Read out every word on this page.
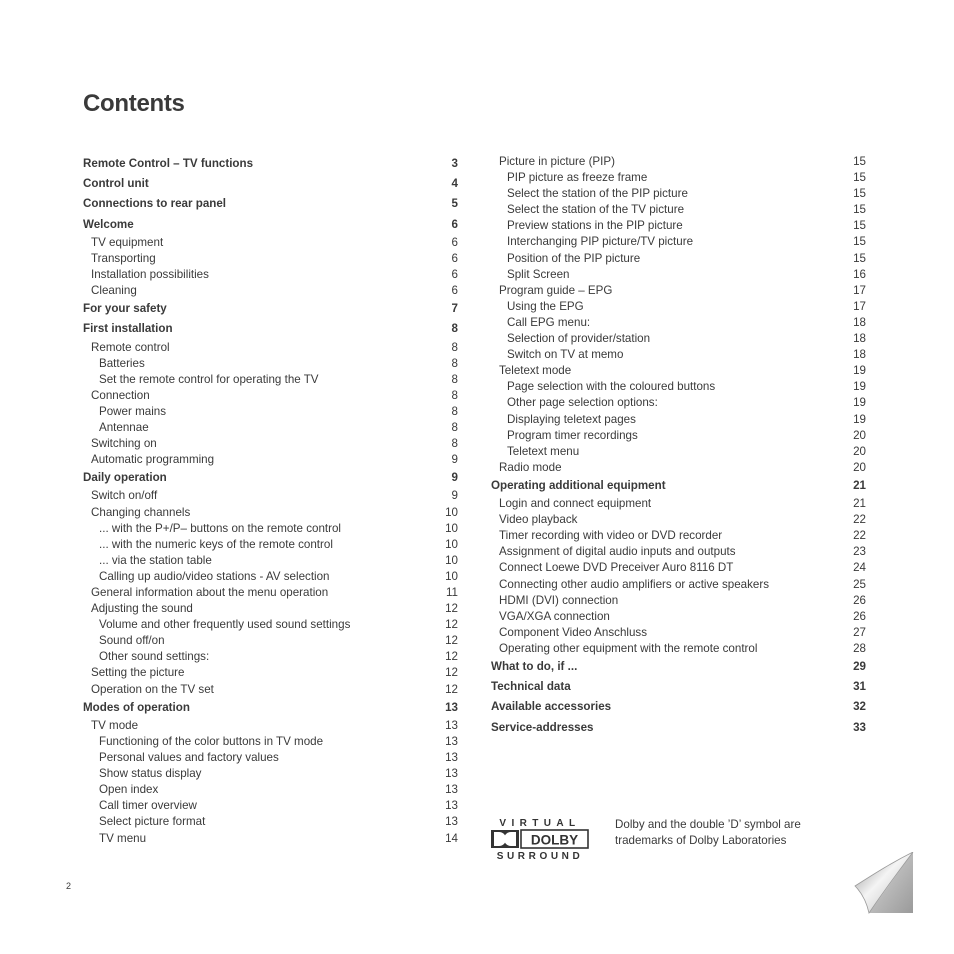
Contents
Remote Control – TV functions	3
Control unit	4
Connections to rear panel	5
Welcome	6
TV equipment	6
Transporting	6
Installation possibilities	6
Cleaning	6
For your safety	7
First installation	8
Remote control	8
Batteries	8
Set the remote control for operating the TV	8
Connection	8
Power mains	8
Antennae	8
Switching on	8
Automatic programming	9
Daily operation	9
Switch on/off	9
Changing channels	10
... with the P+/P– buttons on the remote control	10
... with the numeric keys of the remote control	10
... via the station table	10
Calling up audio/video stations - AV selection	10
General information about the menu operation	11
Adjusting the sound	12
Volume and other frequently used sound settings	12
Sound off/on	12
Other sound settings:	12
Setting the picture	12
Operation on the TV set	12
Modes of operation	13
TV mode	13
Functioning of the color buttons in TV mode	13
Personal values and factory values	13
Show status display	13
Open index	13
Call timer overview	13
Select picture format	13
TV menu	14
Picture in picture (PIP)	15
PIP picture as freeze frame	15
Select the station of the PIP picture	15
Select the station of the TV picture	15
Preview stations in the PIP picture	15
Interchanging PIP picture/TV picture	15
Position of the PIP picture	15
Split Screen	16
Program guide – EPG	17
Using the EPG	17
Call EPG menu:	18
Selection of provider/station	18
Switch on TV at memo	18
Teletext mode	19
Page selection with the coloured buttons	19
Other page selection options:	19
Displaying teletext pages	19
Program timer recordings	20
Teletext menu	20
Radio mode	20
Operating additional equipment	21
Login and connect equipment	21
Video playback	22
Timer recording with video or DVD recorder	22
Assignment of digital audio inputs and outputs	23
Connect Loewe DVD Preceiver Auro 8116 DT	24
Connecting other audio amplifiers or active speakers	25
HDMI (DVI) connection	26
VGA/XGA connection	26
Component Video Anschluss	27
Operating other equipment with the remote control	28
What to do, if ...	29
Technical data	31
Available accessories	32
Service-addresses	33
VIRTUAL
DOLBY
SURROUND
Dolby and the double ’D’ symbol are
trademarks of Dolby Laboratories
2
